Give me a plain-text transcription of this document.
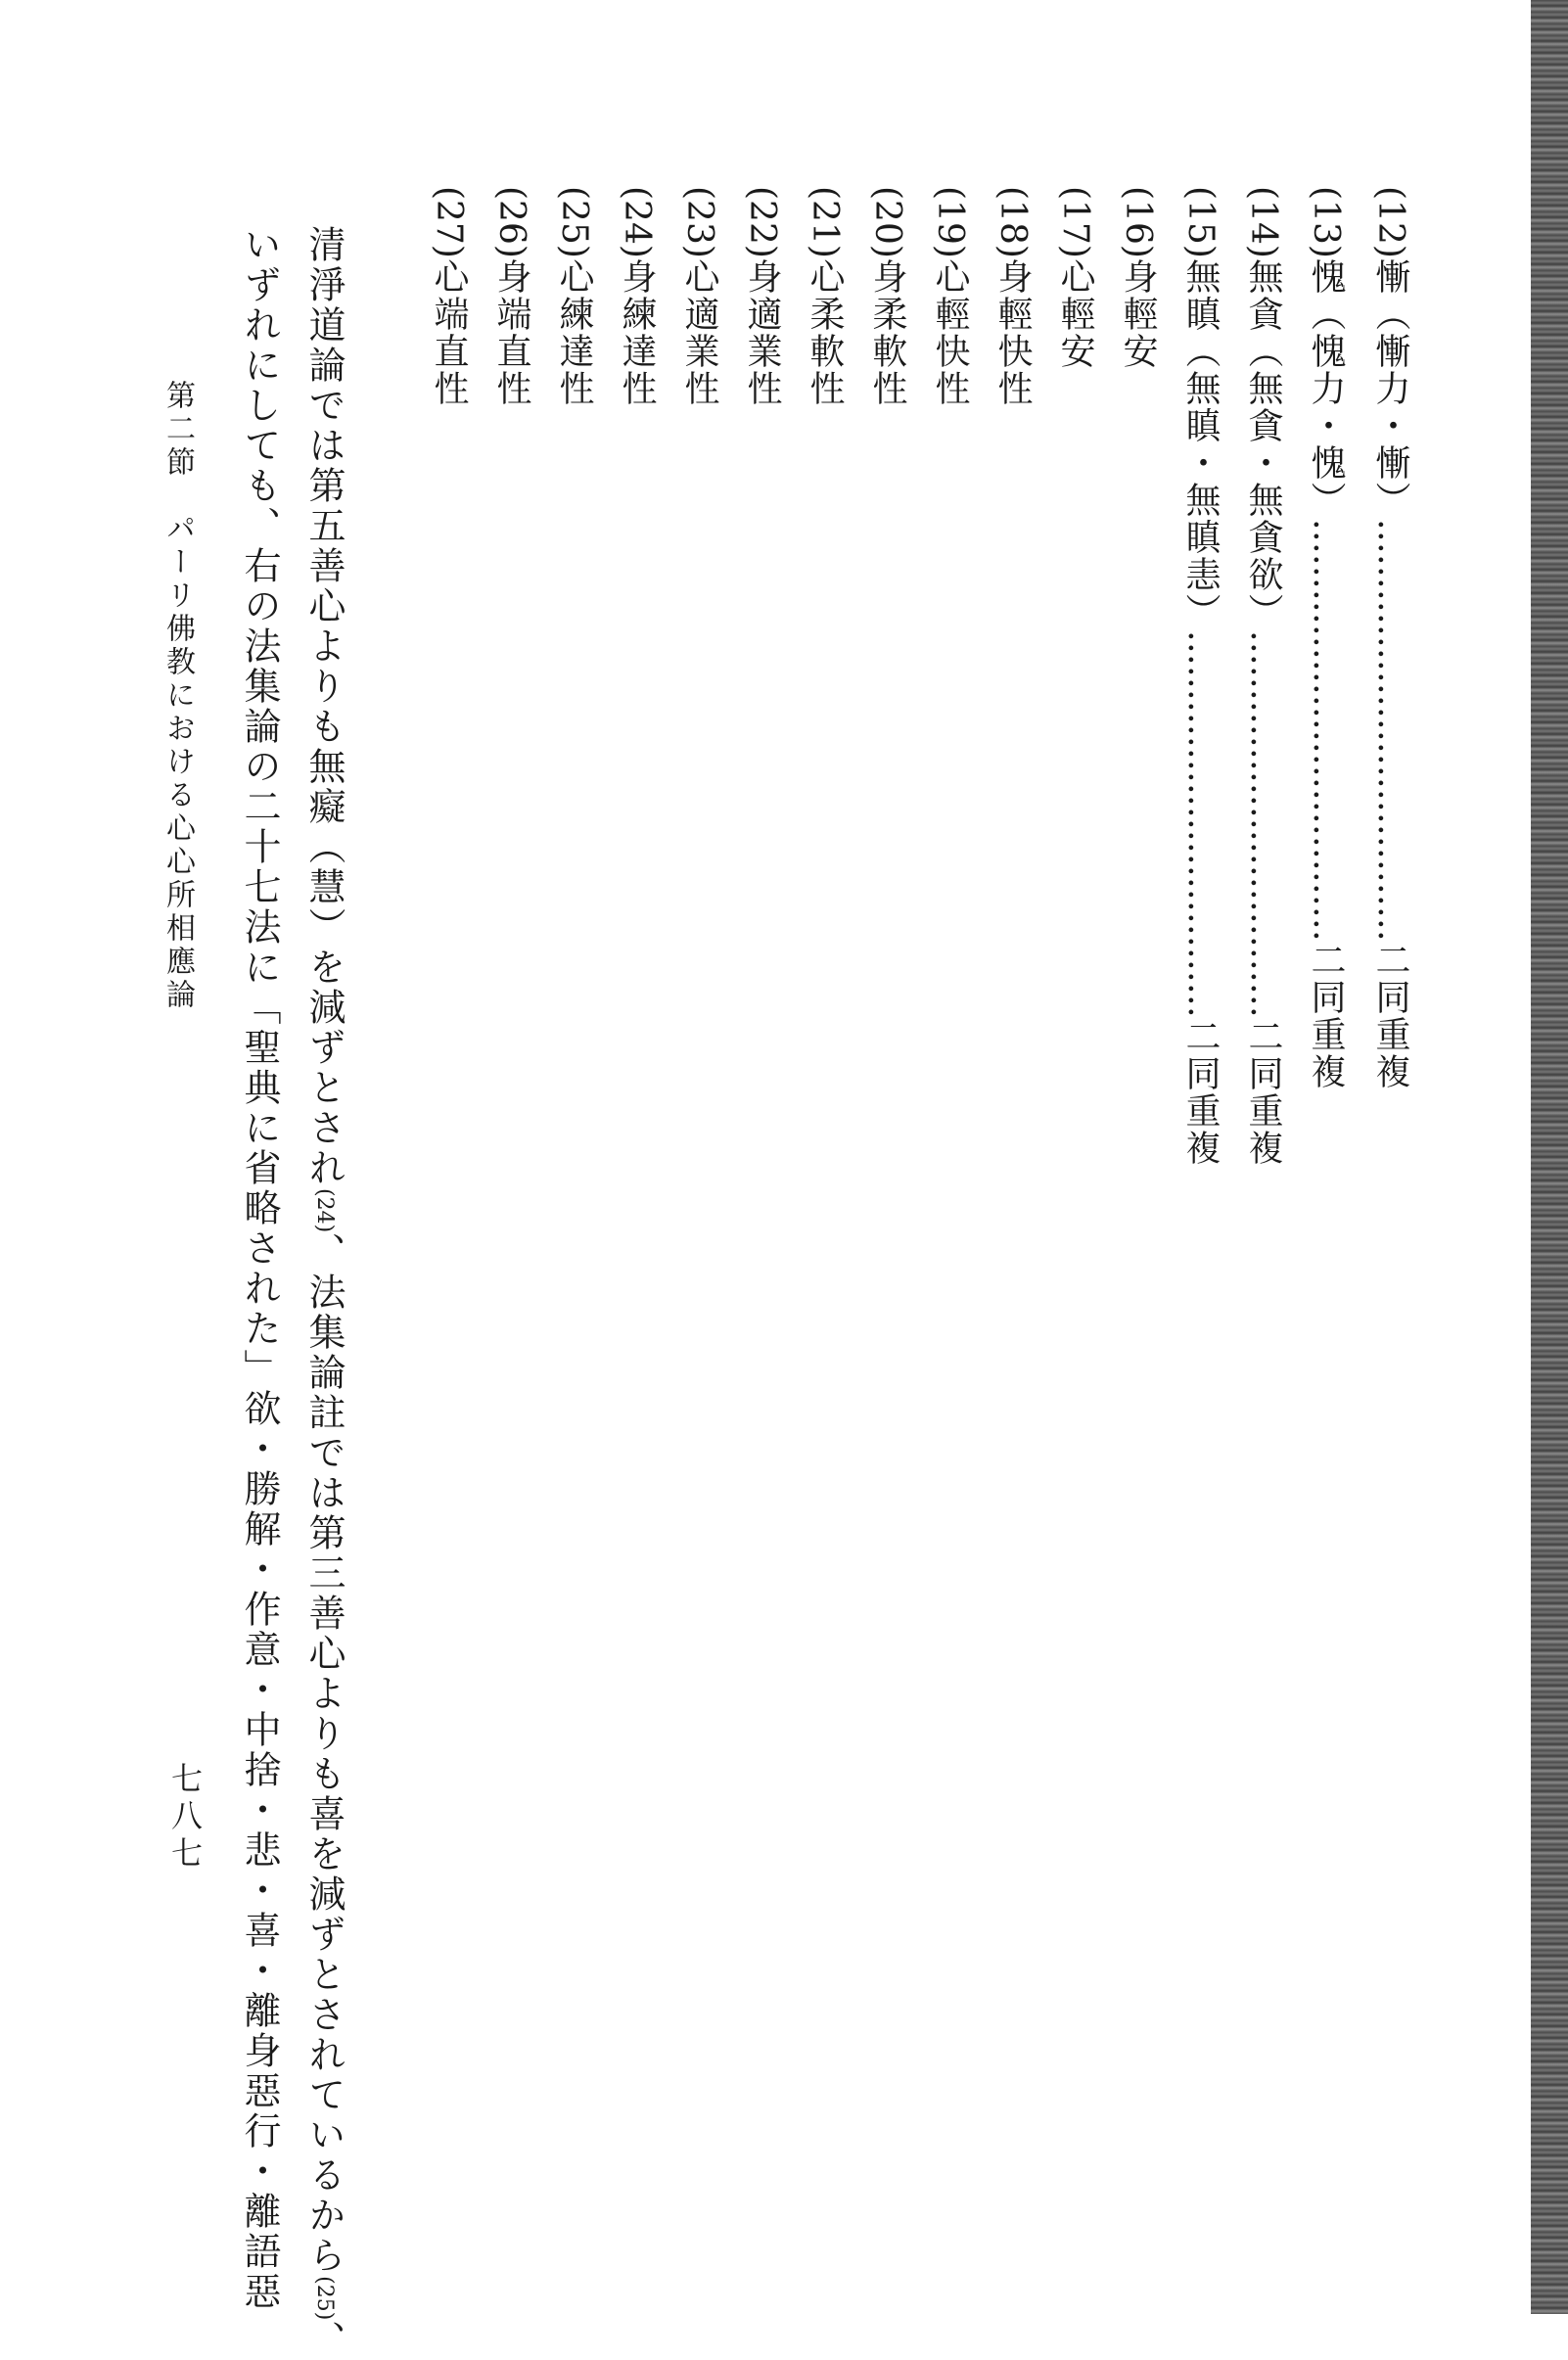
(12)慚（慚力・慚）………………………………二同重複
(13)愧（愧力・愧）………………………………二同重複
(14)無貪（無貪・無貪欲）……………………………二同重複
(15)無瞋（無瞋・無瞋恚）……………………………二同重複
(16)身輕安
(17)心輕安
(18)身輕快性
(19)心輕快性
(20)身柔軟性
(21)心柔軟性
(22)身適業性
(23)心適業性
(24)身練達性
(25)心練達性
(26)身端直性
(27)心端直性
清淨道論では第五善心よりも無癡（慧）を減ずとされ(24)、法集論註では第三善心よりも喜を減ずとされているから(25)、
いずれにしても、右の法集論の二十七法に「聖典に省略された」欲・勝解・作意・中捨・悲・喜・離身惡行・離語惡
第二節　パーリ佛教における心心所相應論
七八七
